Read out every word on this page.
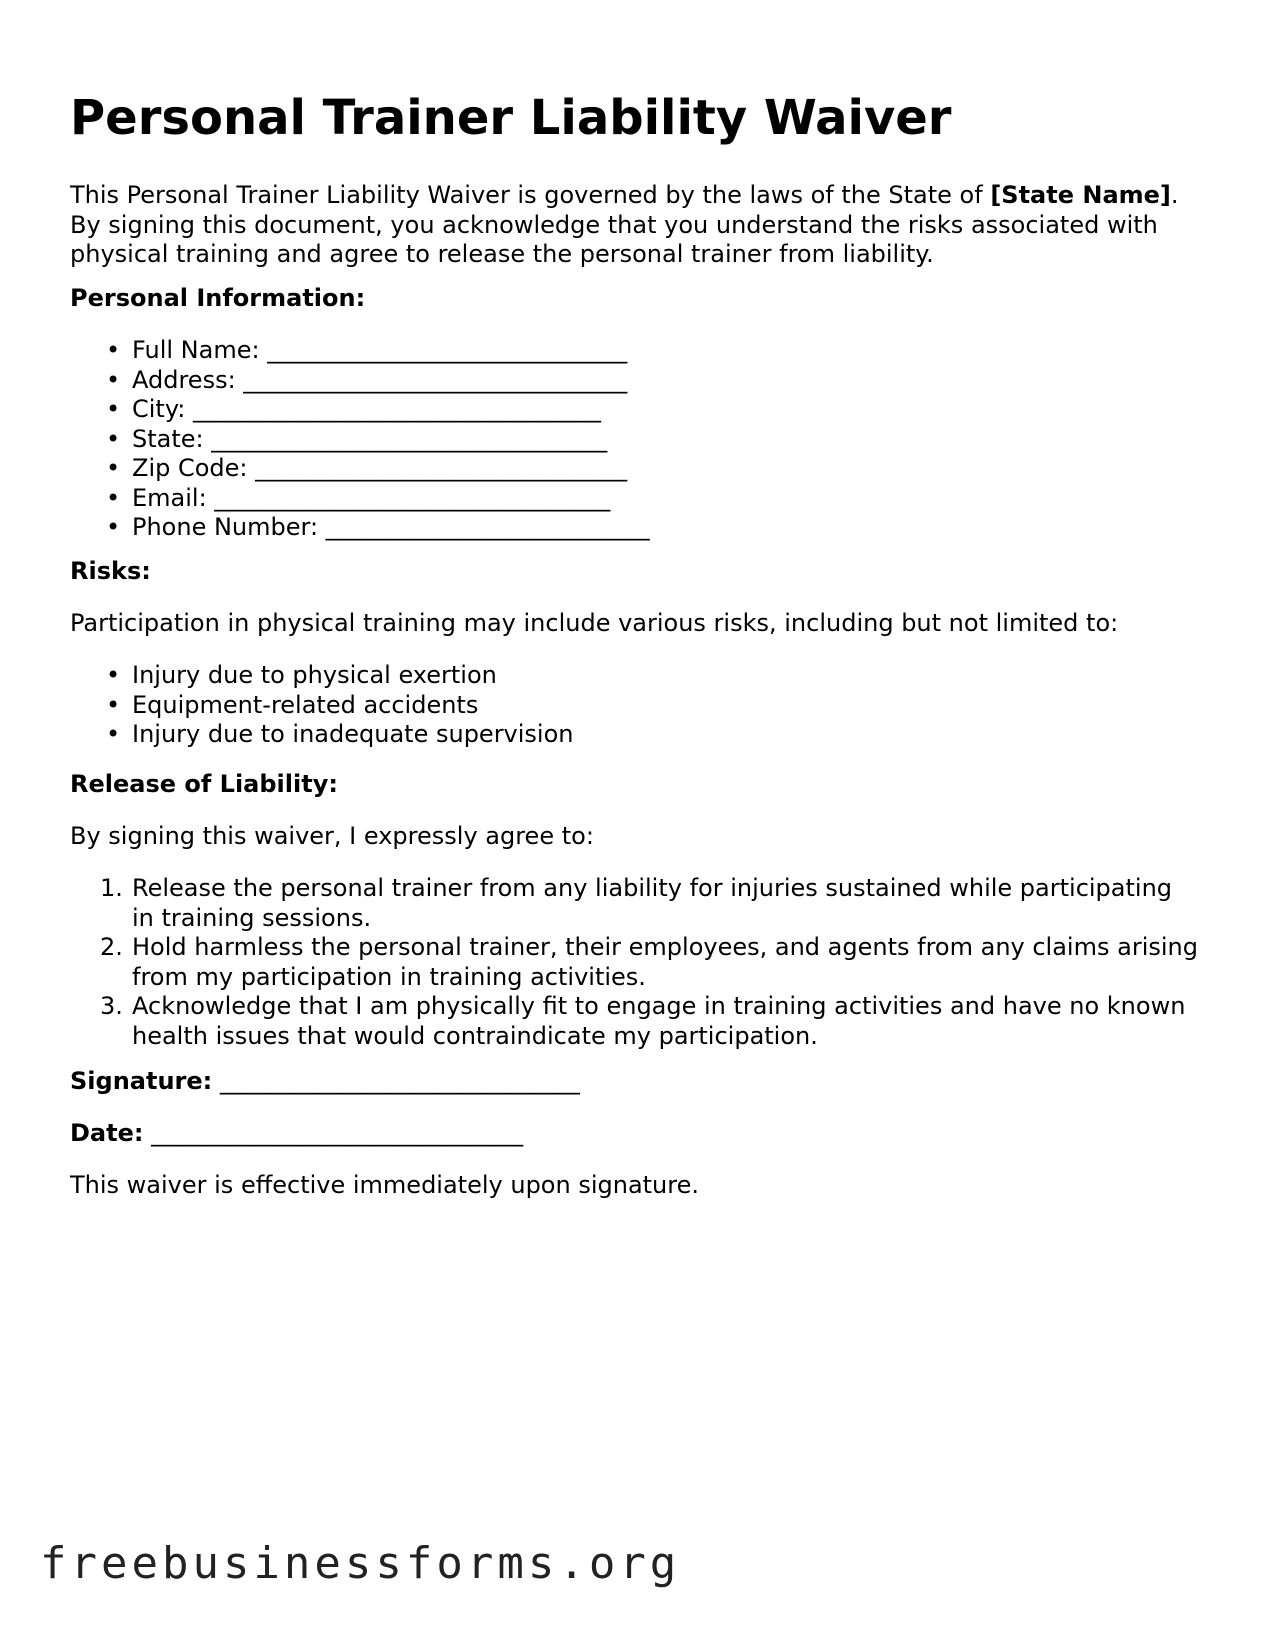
Personal Trainer Liability Waiver

This Personal Trainer Liability Waiver is governed by the laws of the State of [State Name]. By signing this document, you acknowledge that you understand the risks associated with physical training and agree to release the personal trainer from liability.

Personal Information:
• Full Name: ______________________________
• Address: ________________________________
• City: __________________________________
• State: _________________________________
• Zip Code: _______________________________
• Email: _________________________________
• Phone Number: ___________________________
Risks:

Participation in physical training may include various risks, including but not limited to:

• Injury due to physical exertion
• Equipment-related accidents
• Injury due to inadequate supervision
Release of Liability:

By signing this waiver, I expressly agree to:

1. Release the personal trainer from any liability for injuries sustained while participating in training sessions.
2. Hold harmless the personal trainer, their employees, and agents from any claims arising from my participation in training activities.
3. Acknowledge that I am physically fit to engage in training activities and have no known health issues that would contraindicate my participation.
Signature: ______________________________
Date: _______________________________
This waiver is effective immediately upon signature.
freebusinessforms.org
